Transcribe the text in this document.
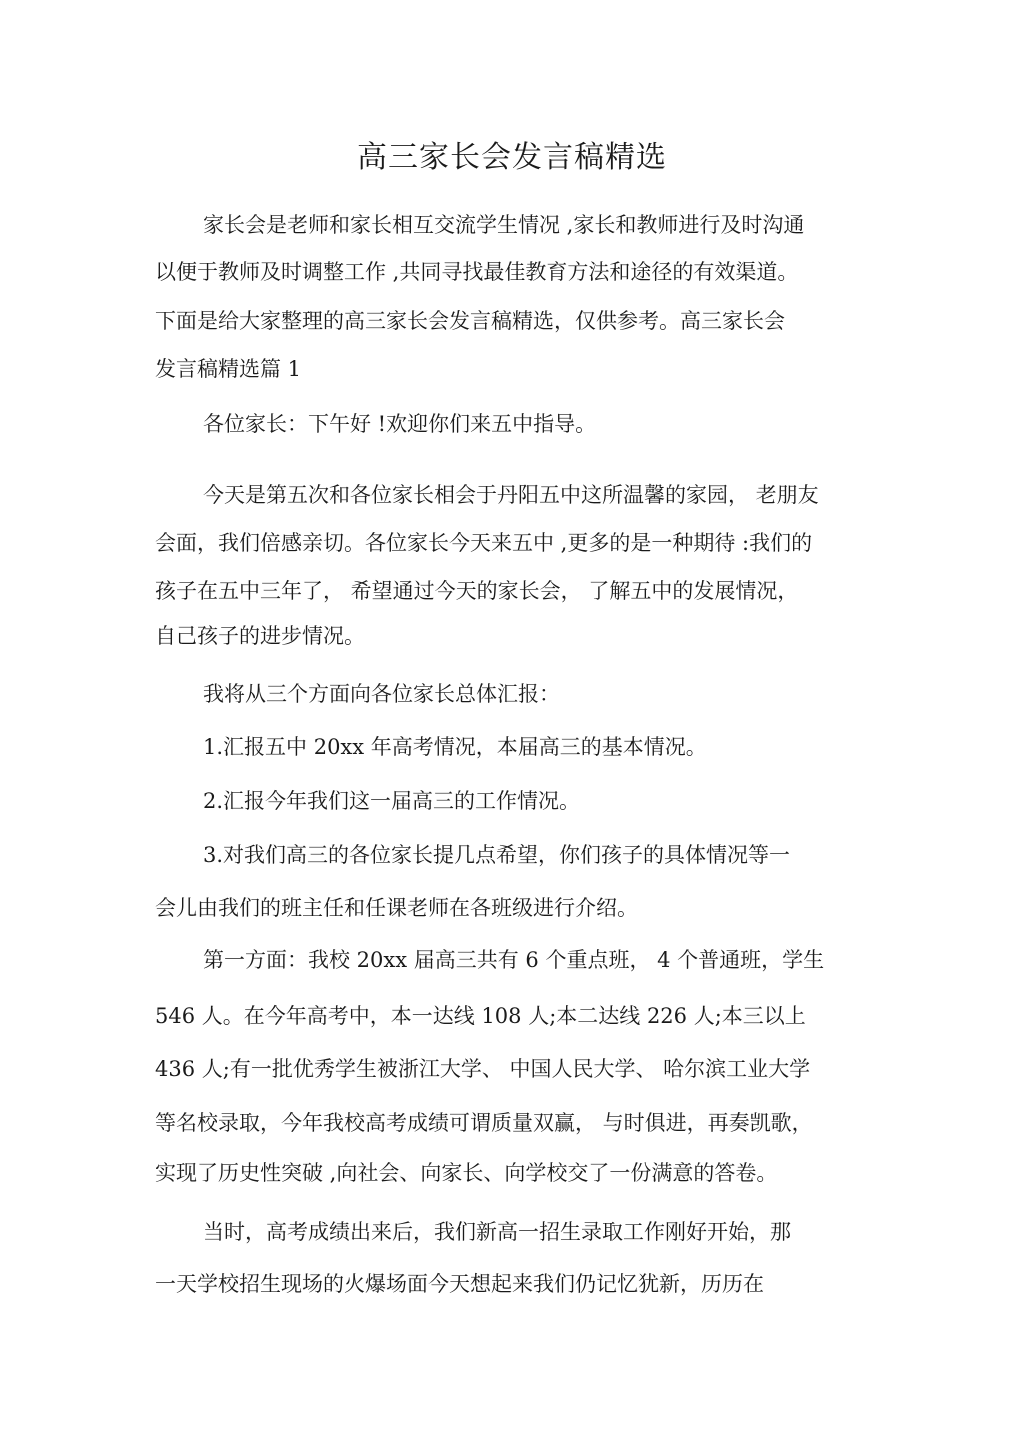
高三家长会发言稿精选

家长会是老师和家长相互交流学生情况 ,家长和教师进行及时沟通

以便于教师及时调整工作 ,共同寻找最佳教育方法和途径的有效渠道。

下面是给大家整理的高三家长会发言稿精选，仅供参考。高三家长会

发言稿精选篇 1

各位家长：下午好 !欢迎你们来五中指导。

今天是第五次和各位家长相会于丹阳五中这所温馨的家园， 老朋友

会面，我们倍感亲切。各位家长今天来五中 ,更多的是一种期待 :我们的

孩子在五中三年了， 希望通过今天的家长会， 了解五中的发展情况，

自己孩子的进步情况。

我将从三个方面向各位家长总体汇报：

1.汇报五中 20xx 年高考情况，本届高三的基本情况。

2.汇报今年我们这一届高三的工作情况。

3.对我们高三的各位家长提几点希望，你们孩子的具体情况等一

会儿由我们的班主任和任课老师在各班级进行介绍。

第一方面：我校 20xx 届高三共有 6 个重点班， 4 个普通班，学生

546 人。在今年高考中，本一达线 108 人;本二达线 226 人;本三以上

436 人;有一批优秀学生被浙江大学、 中国人民大学、 哈尔滨工业大学

等名校录取，今年我校高考成绩可谓质量双赢， 与时俱进，再奏凯歌，

实现了历史性突破 ,向社会、向家长、向学校交了一份满意的答卷。

当时，高考成绩出来后，我们新高一招生录取工作刚好开始，那

一天学校招生现场的火爆场面今天想起来我们仍记忆犹新，历历在
